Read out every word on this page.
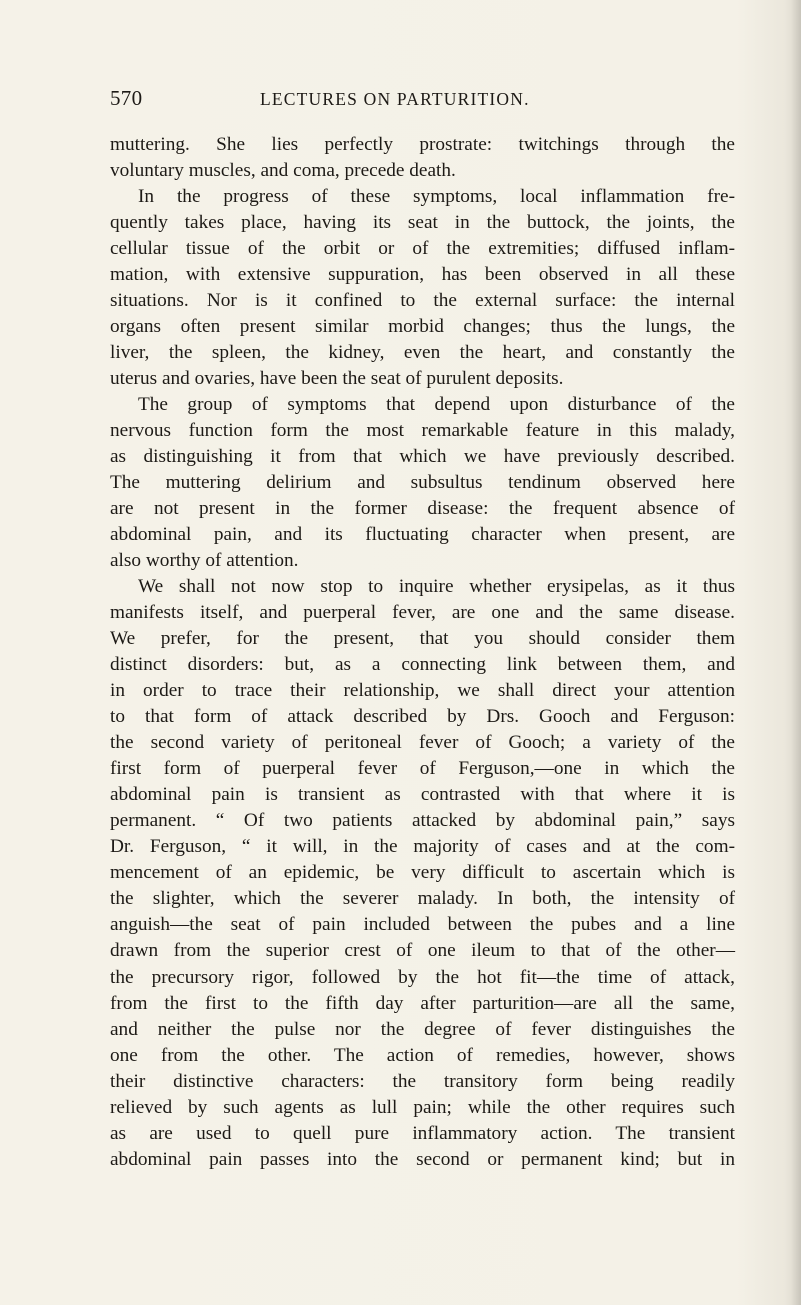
570	LECTURES ON PARTURITION.
muttering. She lies perfectly prostrate: twitchings through the
voluntary muscles, and coma, precede death.
In the progress of these symptoms, local inflammation fre-
quently takes place, having its seat in the buttock, the joints, the
cellular tissue of the orbit or of the extremities; diffused inflam-
mation, with extensive suppuration, has been observed in all these
situations. Nor is it confined to the external surface: the internal
organs often present similar morbid changes; thus the lungs, the
liver, the spleen, the kidney, even the heart, and constantly the
uterus and ovaries, have been the seat of purulent deposits.
The group of symptoms that depend upon disturbance of the
nervous function form the most remarkable feature in this malady,
as distinguishing it from that which we have previously described.
The muttering delirium and subsultus tendinum observed here
are not present in the former disease: the frequent absence of
abdominal pain, and its fluctuating character when present, are
also worthy of attention.
We shall not now stop to inquire whether erysipelas, as it thus
manifests itself, and puerperal fever, are one and the same disease.
We prefer, for the present, that you should consider them
distinct disorders: but, as a connecting link between them, and
in order to trace their relationship, we shall direct your attention
to that form of attack described by Drs. Gooch and Ferguson:
the second variety of peritoneal fever of Gooch; a variety of the
first form of puerperal fever of Ferguson,—one in which the
abdominal pain is transient as contrasted with that where it is
permanent. “ Of two patients attacked by abdominal pain,” says
Dr. Ferguson, “ it will, in the majority of cases and at the com-
mencement of an epidemic, be very difficult to ascertain which is
the slighter, which the severer malady. In both, the intensity of
anguish—the seat of pain included between the pubes and a line
drawn from the superior crest of one ileum to that of the other—
the precursory rigor, followed by the hot fit—the time of attack,
from the first to the fifth day after parturition—are all the same,
and neither the pulse nor the degree of fever distinguishes the
one from the other. The action of remedies, however, shows
their distinctive characters: the transitory form being readily
relieved by such agents as lull pain; while the other requires such
as are used to quell pure inflammatory action. The transient
abdominal pain passes into the second or permanent kind; but in
